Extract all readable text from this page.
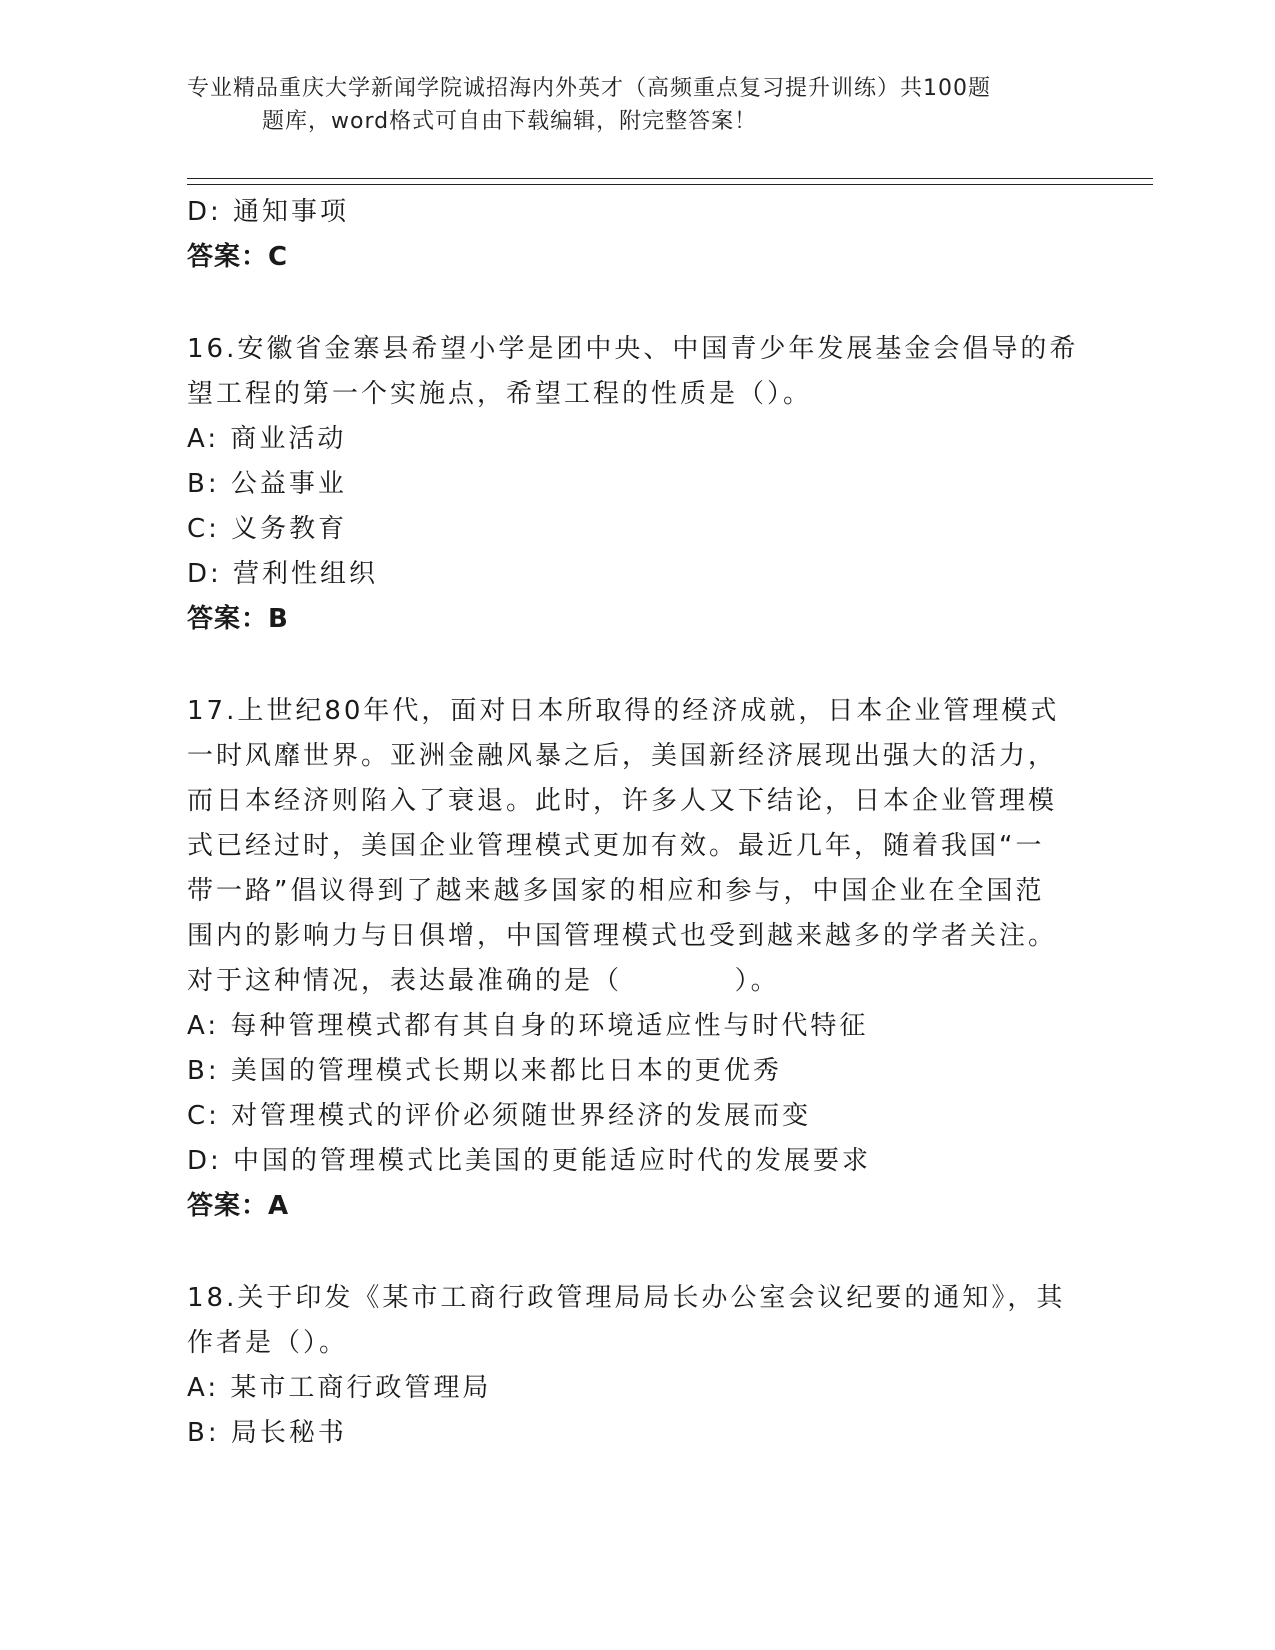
专业精品重庆大学新闻学院诚招海内外英才（高频重点复习提升训练）共100题
题库，word格式可自由下载编辑，附完整答案！
D: 通知事项
答案：C
16.安徽省金寨县希望小学是团中央、中国青少年发展基金会倡导的希
望工程的第一个实施点，希望工程的性质是（）。
A: 商业活动
B: 公益事业
C: 义务教育
D: 营利性组织
答案：B
17.上世纪80年代，面对日本所取得的经济成就，日本企业管理模式
一时风靡世界。亚洲金融风暴之后，美国新经济展现出强大的活力，
而日本经济则陷入了衰退。此时，许多人又下结论，日本企业管理模
式已经过时，美国企业管理模式更加有效。最近几年，随着我国“一
带一路”倡议得到了越来越多国家的相应和参与，中国企业在全国范
围内的影响力与日俱增，中国管理模式也受到越来越多的学者关注。
对于这种情况，表达最准确的是（          ）。
A: 每种管理模式都有其自身的环境适应性与时代特征
B: 美国的管理模式长期以来都比日本的更优秀
C: 对管理模式的评价必须随世界经济的发展而变
D: 中国的管理模式比美国的更能适应时代的发展要求
答案：A
18.关于印发《某市工商行政管理局局长办公室会议纪要的通知》，其
作者是（）。
A: 某市工商行政管理局
B: 局长秘书
